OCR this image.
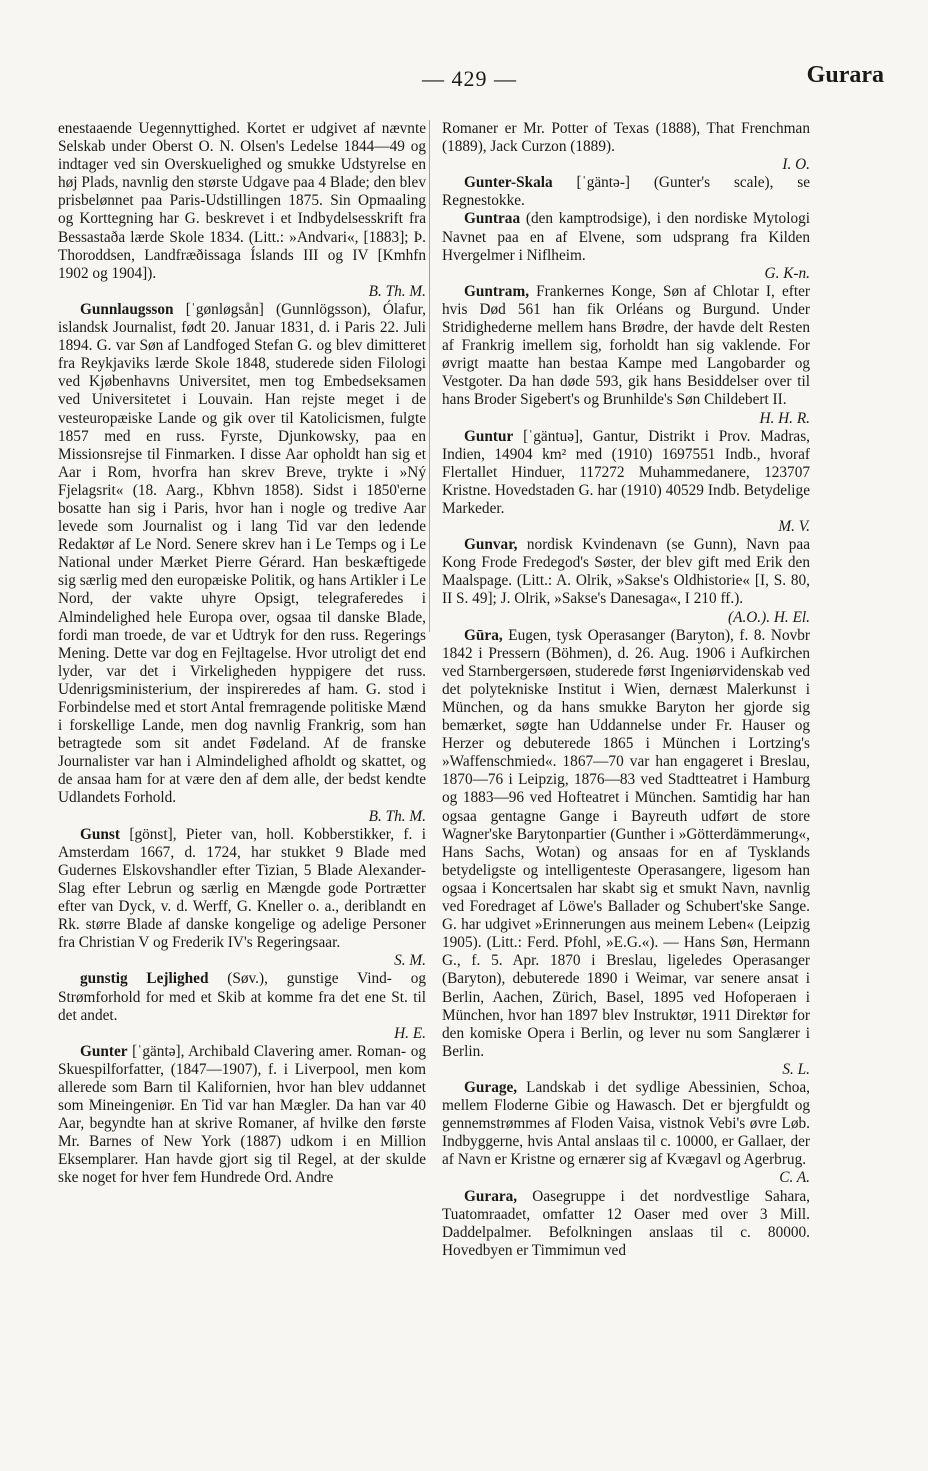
— 429 —	Gurara

enestaaende Uegennyttighed. Kortet er udgivet af nævnte Selskab under Oberst O. N. Olsen's Ledelse 1844—49 og indtager ved sin Overskuelighed og smukke Udstyrelse en høj Plads, navnlig den største Udgave paa 4 Blade; den blev prisbelønnet paa Paris-Udstillingen 1875. Sin Opmaaling og Korttegning har G. beskrevet i et Indbydelsesskrift fra Bessastaða lærde Skole 1834. (Litt.: »Andvari«, [1883]; Þ. Thoroddsen, Landfræðissaga Íslands III og IV [Kmhfn 1902 og 1904]).
B. Th. M.

Gunnlaugsson [ˈgønløgsån] (Gunnlögsson), Ólafur, islandsk Journalist, født 20. Januar 1831, d. i Paris 22. Juli 1894. G. var Søn af Landfoged Stefan G. og blev dimitteret fra Reykjaviks lærde Skole 1848, studerede siden Filologi ved Kjøbenhavns Universitet, men tog Embedseksamen ved Universitetet i Louvain. Han rejste meget i de vesteuropæiske Lande og gik over til Katolicismen, fulgte 1857 med en russ. Fyrste, Djunkowsky, paa en Missionsrejse til Finmarken. I disse Aar opholdt han sig et Aar i Rom, hvorfra han skrev Breve, trykte i »Ný Fjelagsrit« (18. Aarg., Kbhvn 1858). Sidst i 1850'erne bosatte han sig i Paris, hvor han i nogle og tredive Aar levede som Journalist og i lang Tid var den ledende Redaktør af Le Nord. Senere skrev han i Le Temps og i Le National under Mærket Pierre Gérard. Han beskæftigede sig særlig med den europæiske Politik, og hans Artikler i Le Nord, der vakte uhyre Opsigt, telegraferedes i Almindelighed hele Europa over, ogsaa til danske Blade, fordi man troede, de var et Udtryk for den russ. Regerings Mening. Dette var dog en Fejltagelse. Hvor utroligt det end lyder, var det i Virkeligheden hyppigere det russ. Udenrigsministerium, der inspireredes af ham. G. stod i Forbindelse med et stort Antal fremragende politiske Mænd i forskellige Lande, men dog navnlig Frankrig, som han betragtede som sit andet Fødeland. Af de franske Journalister var han i Almindelighed afholdt og skattet, og de ansaa ham for at være den af dem alle, der bedst kendte Udlandets Forhold.
B. Th. M.

Gunst [gönst], Pieter van, holl. Kobberstikker, f. i Amsterdam 1667, d. 1724, har stukket 9 Blade med Gudernes Elskovshandler efter Tizian, 5 Blade Alexander-Slag efter Lebrun og særlig en Mængde gode Portrætter efter van Dyck, v. d. Werff, G. Kneller o. a., deriblandt en Rk. større Blade af danske kongelige og adelige Personer fra Christian V og Frederik IV's Regeringsaar.
S. M.

gunstig Lejlighed (Søv.), gunstige Vind- og Strømforhold for med et Skib at komme fra det ene St. til det andet.
H. E.

Gunter [ˈgäntə], Archibald Clavering amer. Roman- og Skuespilforfatter, (1847—1907), f. i Liverpool, men kom allerede som Barn til Kalifornien, hvor han blev uddannet som Mineingeniør. En Tid var han Mægler. Da han var 40 Aar, begyndte han at skrive Romaner, af hvilke den første Mr. Barnes of New York (1887) udkom i en Million Eksemplarer. Han havde gjort sig til Regel, at der skulde ske noget for hver fem Hundrede Ord. Andre

Romaner er Mr. Potter of Texas (1888), That Frenchman (1889), Jack Curzon (1889).
I. O.

Gunter-Skala [ˈgäntə-] (Gunter's scale), se Regnestokke.

Guntraa (den kamptrodsige), i den nordiske Mytologi Navnet paa en af Elvene, som udsprang fra Kilden Hvergelmer i Niflheim.
G. K-n.

Guntram, Frankernes Konge, Søn af Chlotar I, efter hvis Død 561 han fik Orléans og Burgund. Under Stridighederne mellem hans Brødre, der havde delt Resten af Frankrig imellem sig, forholdt han sig vaklende. For øvrigt maatte han bestaa Kampe med Langobarder og Vestgoter. Da han døde 593, gik hans Besiddelser over til hans Broder Sigebert's og Brunhilde's Søn Childebert II.
H. H. R.

Guntur [ˈgäntuə], Gantur, Distrikt i Prov. Madras, Indien, 14904 km² med (1910) 1697551 Indb., hvoraf Flertallet Hinduer, 117272 Muhammedanere, 123707 Kristne. Hovedstaden G. har (1910) 40529 Indb. Betydelige Markeder.
M. V.

Gunvar, nordisk Kvindenavn (se Gunn), Navn paa Kong Frode Fredegod's Søster, der blev gift med Erik den Maalspage. (Litt.: A. Olrik, »Sakse's Oldhistorie« [I, S. 80, II S. 49]; J. Olrik, »Sakse's Danesaga«, I 210 ff.).
(A.O.). H. El.

Gūra, Eugen, tysk Operasanger (Baryton), f. 8. Novbr 1842 i Pressern (Böhmen), d. 26. Aug. 1906 i Aufkirchen ved Starnbergersøen, studerede først Ingeniørvidenskab ved det polytekniske Institut i Wien, dernæst Malerkunst i München, og da hans smukke Baryton her gjorde sig bemærket, søgte han Uddannelse under Fr. Hauser og Herzer og debuterede 1865 i München i Lortzing's »Waffenschmied«. 1867—70 var han engageret i Breslau, 1870—76 i Leipzig, 1876—83 ved Stadtteatret i Hamburg og 1883—96 ved Hofteatret i München. Samtidig har han ogsaa gentagne Gange i Bayreuth udført de store Wagner'ske Barytonpartier (Gunther i »Götterdämmerung«, Hans Sachs, Wotan) og ansaas for en af Tysklands betydeligste og intelligenteste Operasangere, ligesom han ogsaa i Koncertsalen har skabt sig et smukt Navn, navnlig ved Foredraget af Löwe's Ballader og Schubert'ske Sange. G. har udgivet »Erinnerungen aus meinem Leben« (Leipzig 1905). (Litt.: Ferd. Pfohl, »E.G.«). — Hans Søn, Hermann G., f. 5. Apr. 1870 i Breslau, ligeledes Operasanger (Baryton), debuterede 1890 i Weimar, var senere ansat i Berlin, Aachen, Zürich, Basel, 1895 ved Hofoperaen i München, hvor han 1897 blev Instruktør, 1911 Direktør for den komiske Opera i Berlin, og lever nu som Sanglærer i Berlin.
S. L.

Gurage, Landskab i det sydlige Abessinien, Schoa, mellem Floderne Gibie og Hawasch. Det er bjergfuldt og gennemstrømmes af Floden Vaisa, vistnok Vebi's øvre Løb. Indbyggerne, hvis Antal anslaas til c. 10000, er Gallaer, der af Navn er Kristne og ernærer sig af Kvægavl og Agerbrug.
C. A.

Gurara, Oasegruppe i det nordvestlige Sahara, Tuatomraadet, omfatter 12 Oaser med over 3 Mill. Daddelpalmer. Befolkningen anslaas til c. 80000. Hovedbyen er Timmimun ved
